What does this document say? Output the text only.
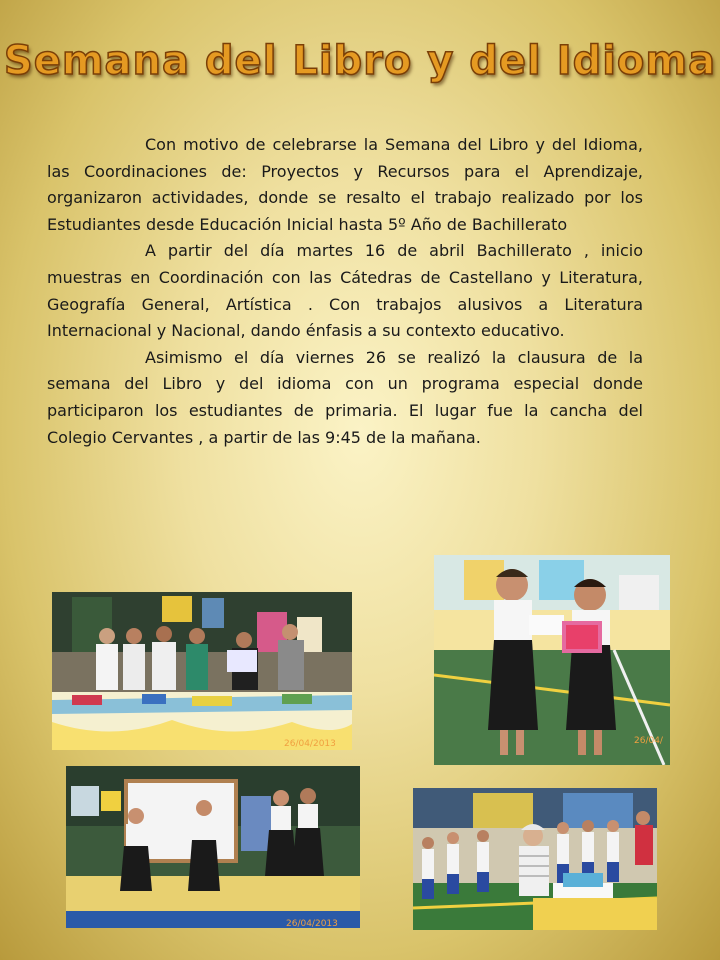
Semana del Libro y del Idioma

Con motivo de celebrarse la Semana del Libro y del Idioma, las Coordinaciones de: Proyectos y Recursos para el Aprendizaje, organizaron actividades, donde se resalto el trabajo realizado por los Estudiantes desde Educación Inicial hasta 5º Año de Bachillerato

A partir del día martes 16 de abril Bachillerato , inicio muestras en Coordinación con las Cátedras de Castellano y Literatura, Geografía General, Artística . Con trabajos alusivos a Literatura Internacional y Nacional, dando énfasis a su contexto educativo.

Asimismo el día viernes 26 se realizó la clausura de la semana del Libro y del idioma con un programa especial donde participaron los estudiantes de primaria. El lugar fue la cancha del Colegio Cervantes , a partir de las 9:45 de la mañana.

26/04/2013	26/04/
26/04/2013
